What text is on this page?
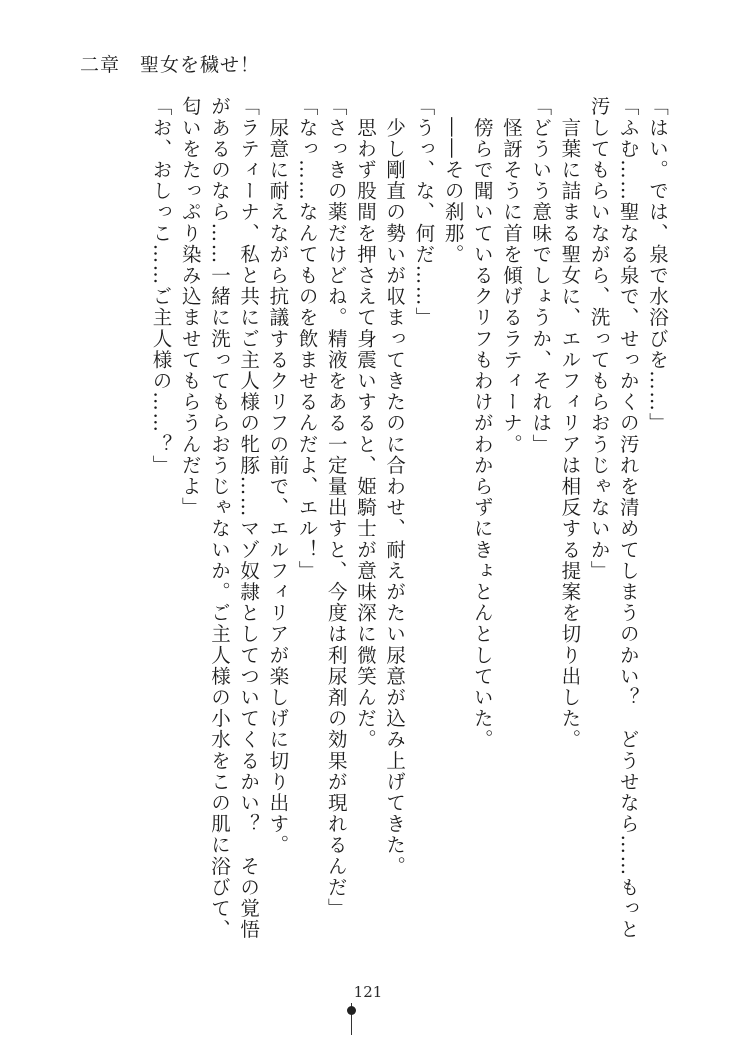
二章　聖女を穢せ！
「はい。では、泉で水浴びを……」
「ふむ……聖なる泉で、せっかくの汚れを清めてしまうのかい？　どうせなら……もっと
汚してもらいながら、洗ってもらおうじゃないか」
　言葉に詰まる聖女に、エルフィリアは相反する提案を切り出した。
「どういう意味でしょうか、それは」
　怪訝そうに首を傾げるラティーナ。
　傍らで聞いているクリフもわけがわからずにきょとんとしていた。
　――その刹那。
「うっ、な、何だ……」
　少し剛直の勢いが収まってきたのに合わせ、耐えがたい尿意が込み上げてきた。
　思わず股間を押さえて身震いすると、姫騎士が意味深に微笑んだ。
「さっきの薬だけどね。精液をある一定量出すと、今度は利尿剤の効果が現れるんだ」
「なっ……なんてものを飲ませるんだよ、エル！」
　尿意に耐えながら抗議するクリフの前で、エルフィリアが楽しげに切り出す。
「ラティーナ、私と共にご主人様の牝豚……マゾ奴隷としてついてくるかい？　その覚悟
があるのなら……一緒に洗ってもらおうじゃないか。ご主人様の小水をこの肌に浴びて、
匂いをたっぷり染み込ませてもらうんだよ」
「お、おしっこ……ご主人様の……？」
121
